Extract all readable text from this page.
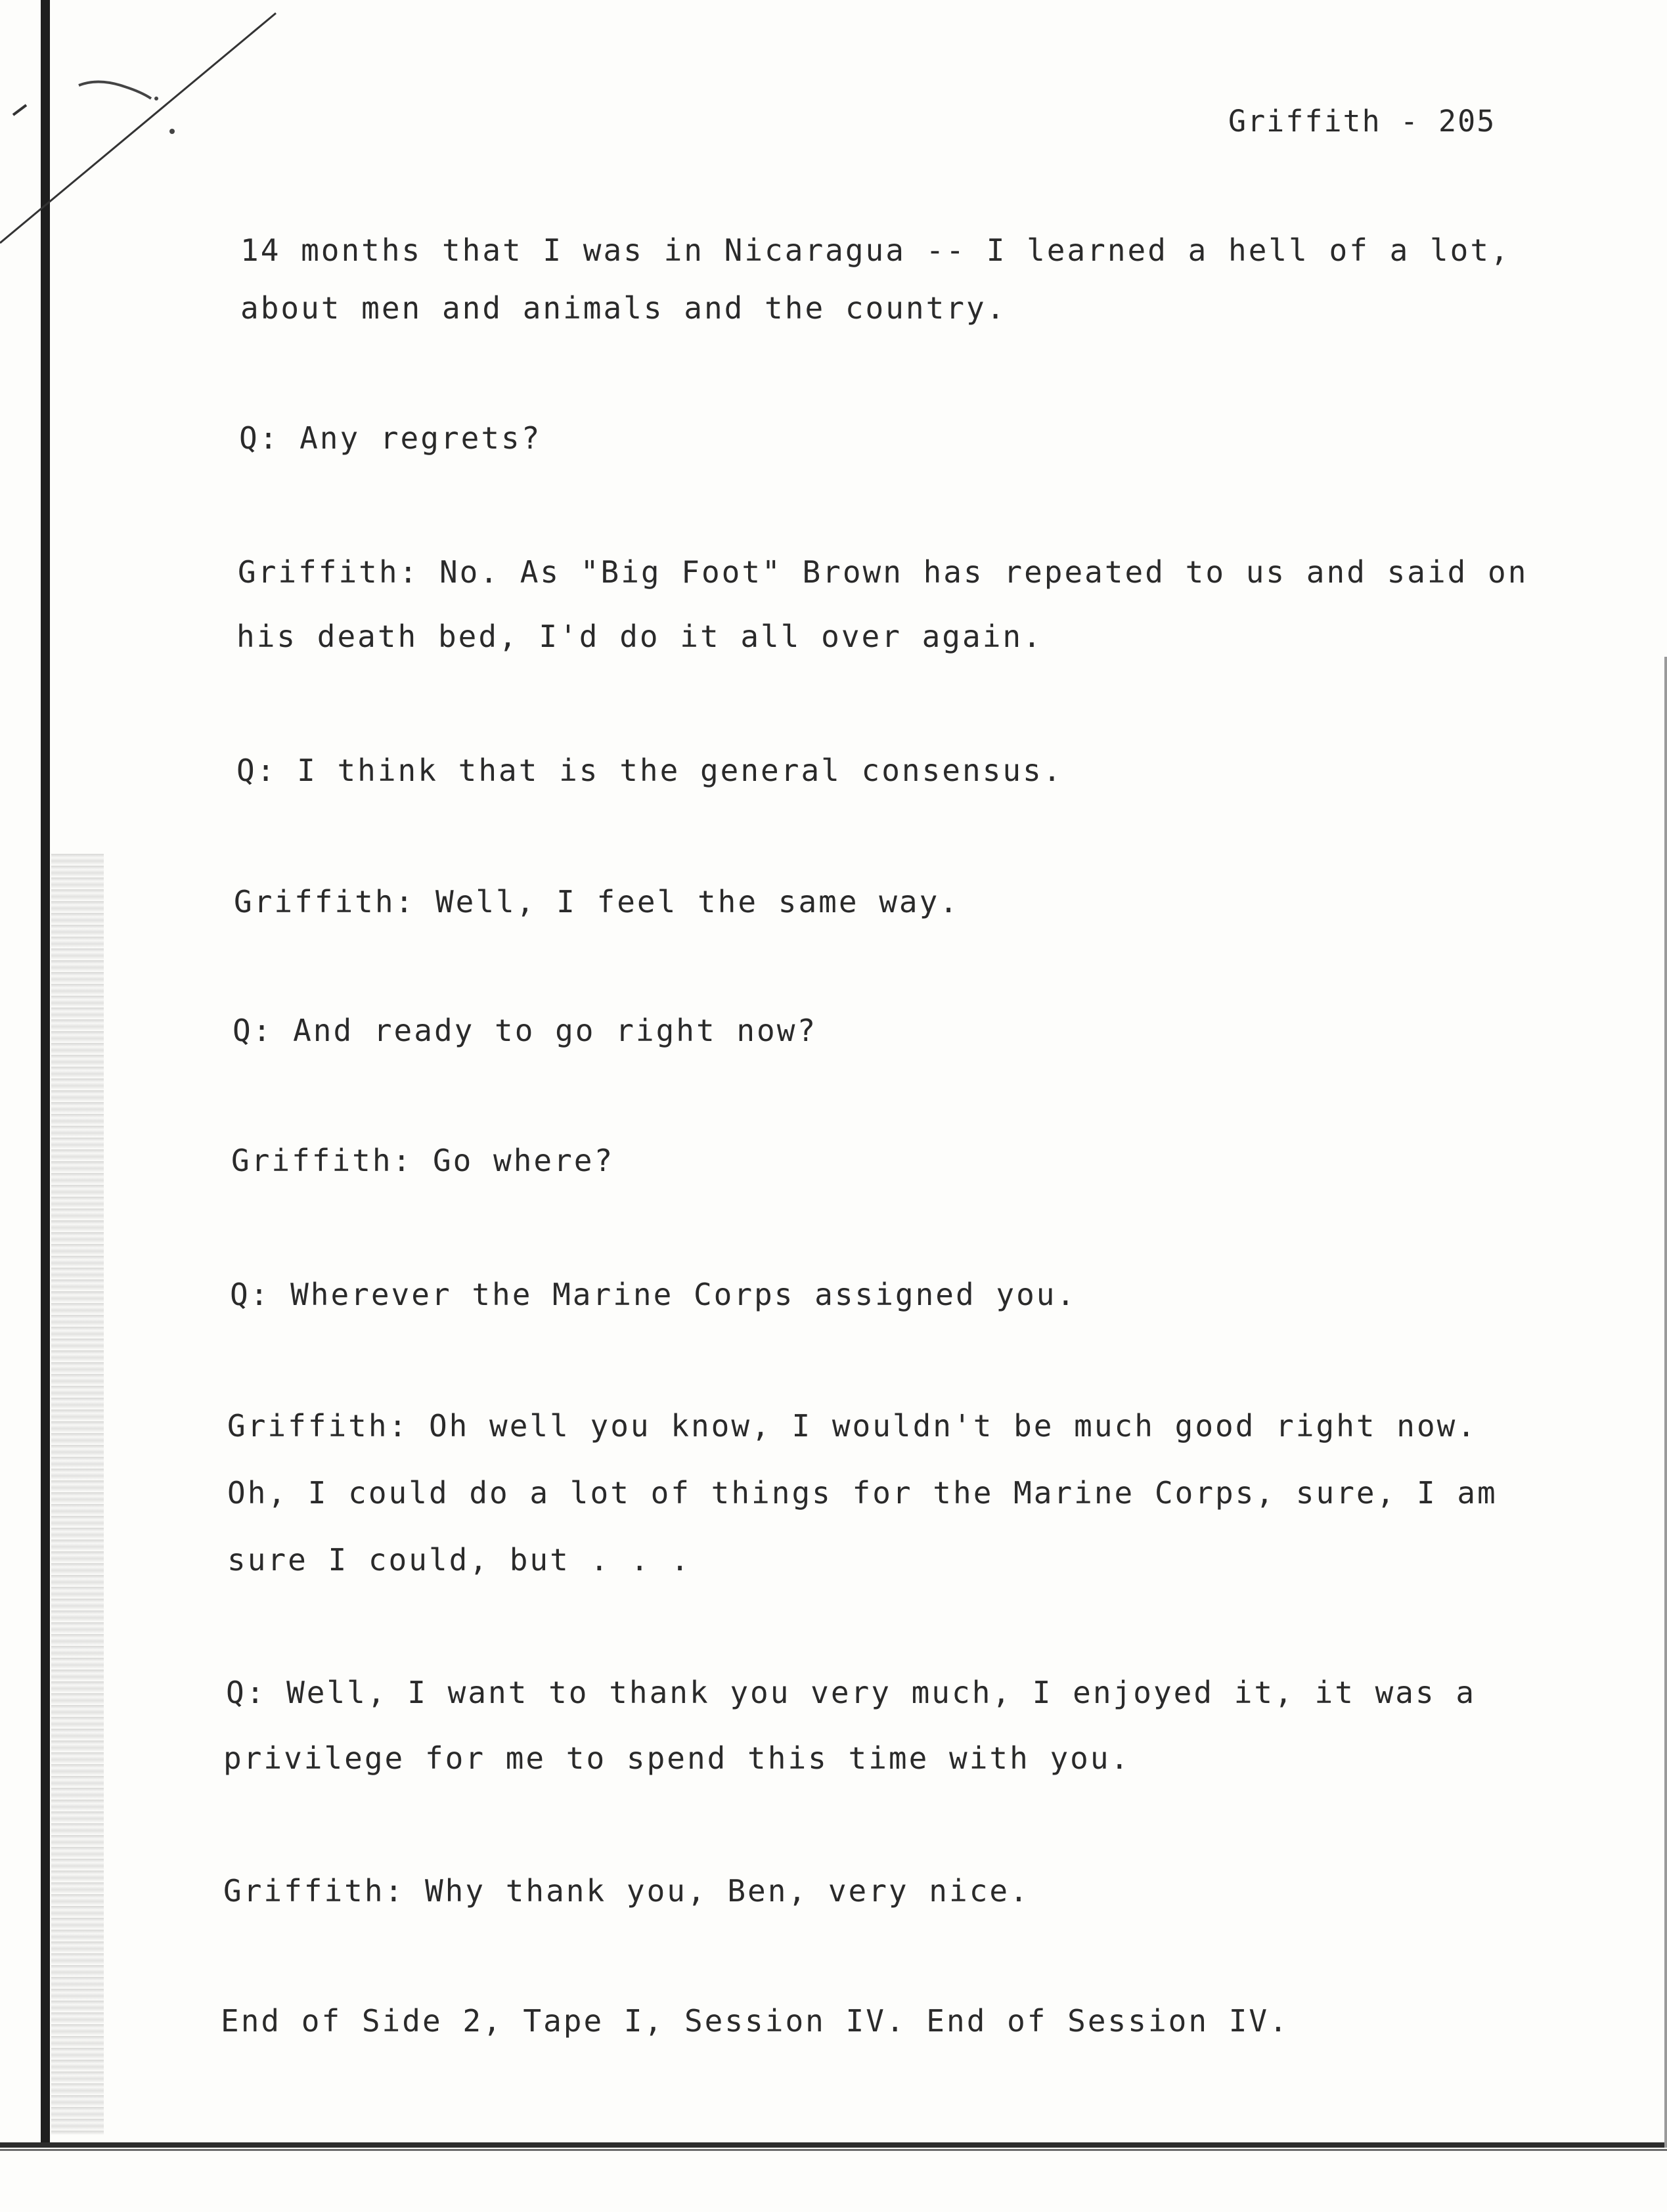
Griffith - 205
14 months that I was in Nicaragua -- I learned a hell of a lot,
about men and animals and the country.
Q: Any regrets?
Griffith: No. As "Big Foot" Brown has repeated to us and said on
his death bed, I'd do it all over again.
Q: I think that is the general consensus.
Griffith: Well, I feel the same way.
Q: And ready to go right now?
Griffith: Go where?
Q: Wherever the Marine Corps assigned you.
Griffith: Oh well you know, I wouldn't be much good right now.
Oh, I could do a lot of things for the Marine Corps, sure, I am
sure I could, but . . .
Q: Well, I want to thank you very much, I enjoyed it, it was a
privilege for me to spend this time with you.
Griffith: Why thank you, Ben, very nice.
End of Side 2, Tape I, Session IV. End of Session IV.
